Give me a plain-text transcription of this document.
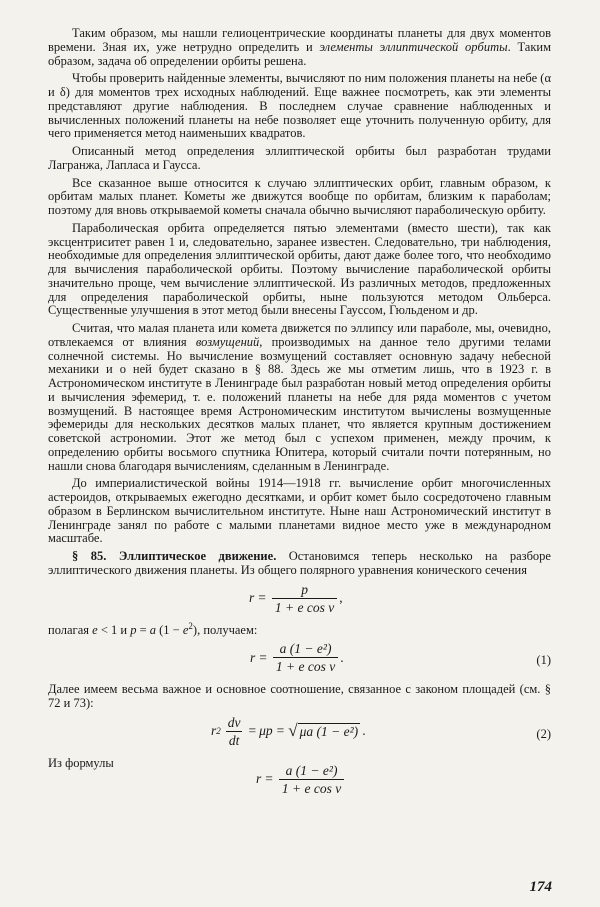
Таким образом, мы нашли гелиоцентрические координаты планеты для двух моментов времени. Зная их, уже нетрудно определить и элементы эллиптической орбиты. Таким образом, задача об определении орбиты решена.

Чтобы проверить найденные элементы, вычисляют по ним положения планеты на небе (α и δ) для моментов трех исходных наблюдений. Еще важнее посмотреть, как эти элементы представляют другие наблюдения. В последнем случае сравнение наблюденных и вычисленных положений планеты на небе позволяет еще уточнить полученную орбиту, для чего применяется метод наименьших квадратов.

Описанный метод определения эллиптической орбиты был разработан трудами Лагранжа, Лапласа и Гаусса.

Все сказанное выше относится к случаю эллиптических орбит, главным образом, к орбитам малых планет. Кометы же движутся вообще по орбитам, близким к параболам; поэтому для вновь открываемой кометы сначала обычно вычисляют параболическую орбиту.

Параболическая орбита определяется пятью элементами (вместо шести), так как эксцентриситет равен 1 и, следовательно, заранее известен. Следовательно, три наблюдения, необходимые для определения эллиптической орбиты, дают даже более того, что необходимо для вычисления параболической орбиты. Поэтому вычисление параболической орбиты значительно проще, чем вычисление эллиптической. Из различных методов, предложенных для определения параболической орбиты, ныне пользуются методом Ольберса. Существенные улучшения в этот метод были внесены Гауссом, Гюльденом и др.

Считая, что малая планета или комета движется по эллипсу или параболе, мы, очевидно, отвлекаемся от влияния возмущений, производимых на данное тело другими телами солнечной системы. Но вычисление возмущений составляет основную задачу небесной механики и о ней будет сказано в § 88. Здесь же мы отметим лишь, что в 1923 г. в Астрономическом институте в Ленинграде был разработан новый метод определения орбиты и вычисления эфемерид, т. е. положений планеты на небе для ряда моментов с учетом возмущений. В настоящее время Астрономическим институтом вычислены возмущенные эфемериды для нескольких десятков малых планет, что является крупным достижением советской астрономии. Этот же метод был с успехом применен, между прочим, к определению орбиты восьмого спутника Юпитера, который считали почти потерянным, но нашли снова благодаря вычислениям, сделанным в Ленинграде.

До империалистической войны 1914—1918 гг. вычисление орбит многочисленных астероидов, открываемых ежегодно десятками, и орбит комет было сосредоточено главным образом в Берлинском вычислительном институте. Ныне наш Астрономический институт в Ленинграде занял по работе с малыми планетами видное место уже в международном масштабе.

§ 85. Эллиптическое движение. Остановимся теперь несколько на разборе эллиптического движения планеты. Из общего полярного уравнения конического сечения

$r = \frac{p}{\text{1 + e cos v}}$ ,

полагая e < 1 и p = a $(1 - e^2)$, получаем:

$r = \frac{\text{a (1 − e²)}}{\text{1 + e cos v}}$ .	(1)

Далее имеем весьма важное и основное соотношение, связанное с законом площадей (см. § 72 и 73):

r $2 \frac{dv}{dt} = \mu p$ = √ μa (1 − e²) .	(2)

Из формулы

$r = \frac{\text{a (1 − e²)}}{\text{1 + e cos v}}$
174
